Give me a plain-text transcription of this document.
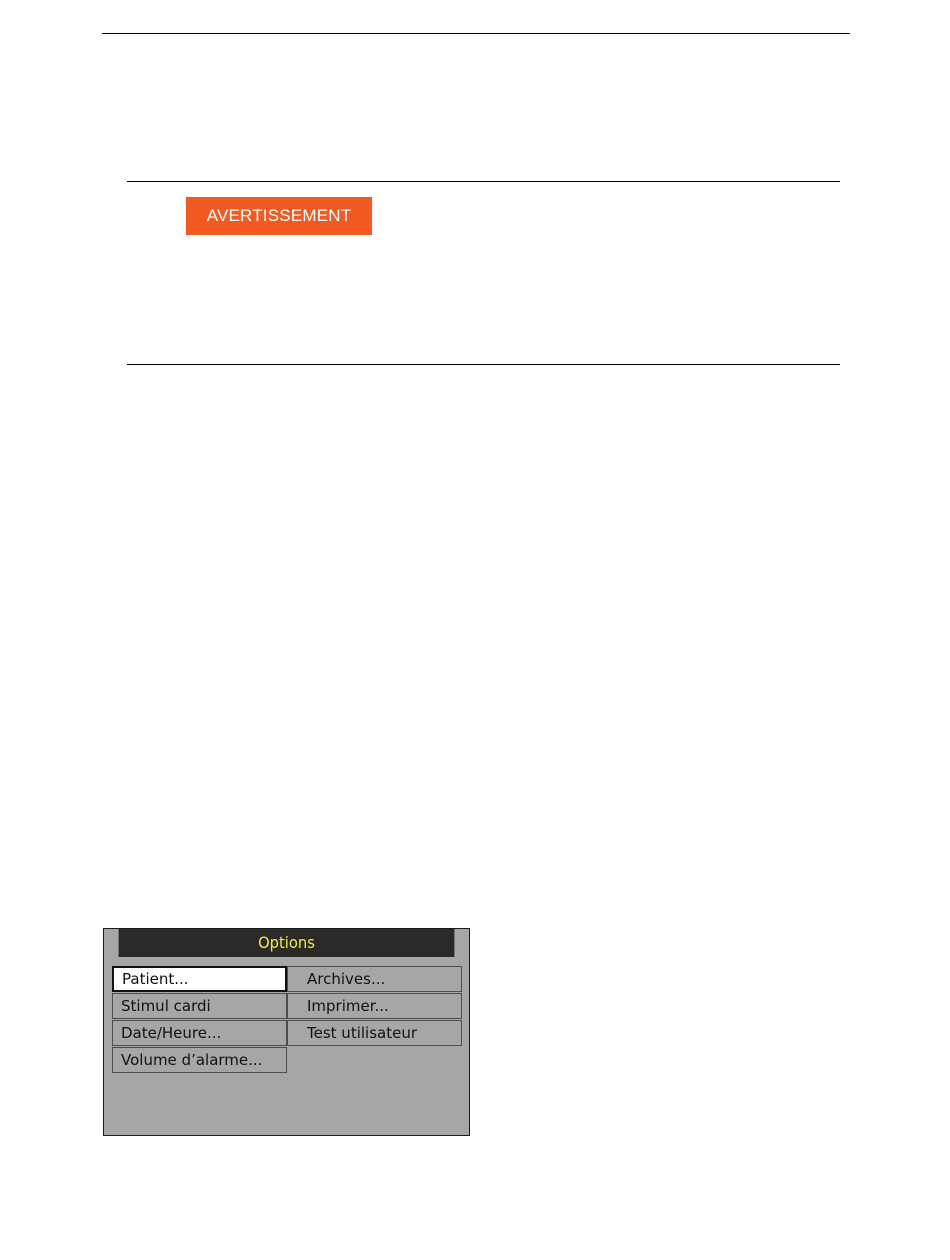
AVERTISSEMENT
Options
Patient...
Stimul cardi
Date/Heure...
Volume d’alarme...
Archives...
Imprimer...
Test utilisateur
